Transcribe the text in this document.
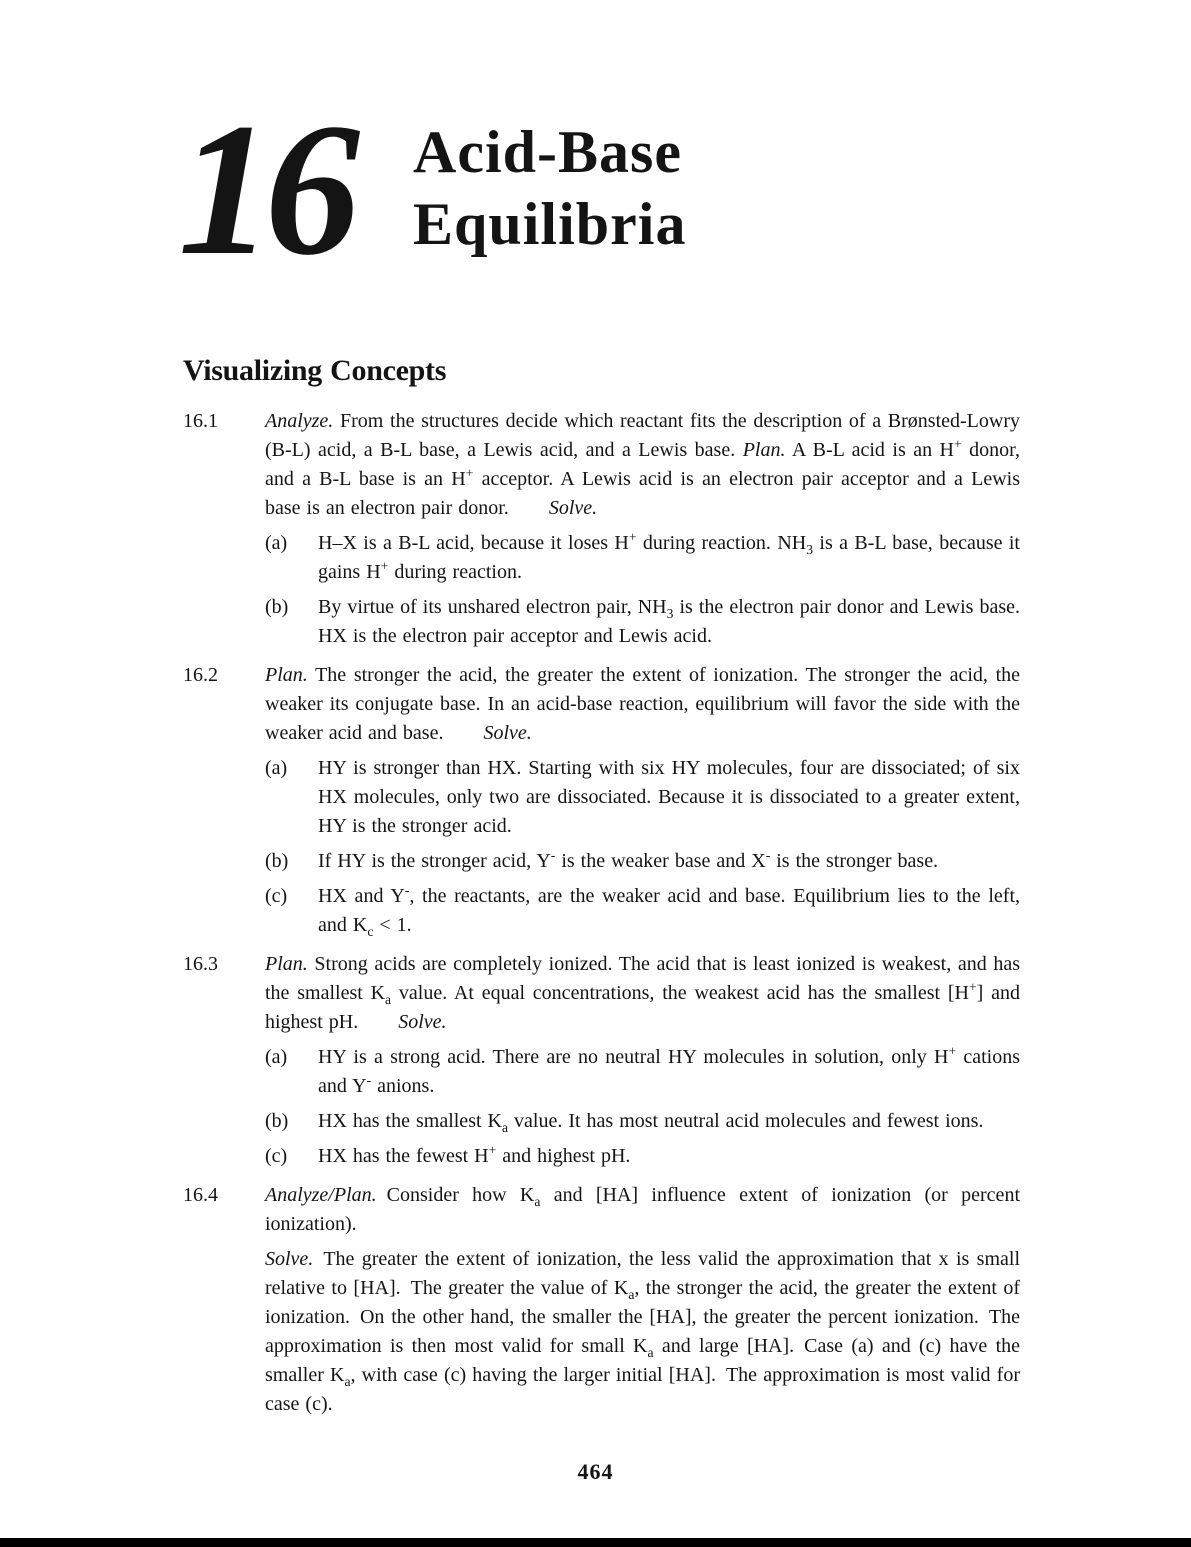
16 Acid-Base
Equilibria
Visualizing Concepts
16.1	Analyze. From the structures decide which reactant fits the description of a Brønsted-Lowry (B-L) acid, a B-L base, a Lewis acid, and a Lewis base. Plan. A B-L acid is an H+ donor, and a B-L base is an H+ acceptor. A Lewis acid is an electron pair acceptor and a Lewis base is an electron pair donor.  Solve.

(a)	H–X is a B-L acid, because it loses H+ during reaction. $NH_3$ is a B-L base, because it gains H+ during reaction.

(b)	By virtue of its unshared electron pair, $NH_3$ is the electron pair donor and Lewis base. HX is the electron pair acceptor and Lewis acid.

16.2	Plan. The stronger the acid, the greater the extent of ionization. The stronger the acid, the weaker its conjugate base. In an acid-base reaction, equilibrium will favor the side with the weaker acid and base.  Solve.

(a)	HY is stronger than HX. Starting with six HY molecules, four are dissociated; of six HX molecules, only two are dissociated. Because it is dissociated to a greater extent, HY is the stronger acid.

(b)	If HY is the stronger acid, Y- is the weaker base and X- is the stronger base.

(c)	HX and Y-, the reactants, are the weaker acid and base. Equilibrium lies to the left, and $K_c < 1$.

16.3	Plan. Strong acids are completely ionized. The acid that is least ionized is weakest, and has the smallest $K_a$ value. At equal concentrations, the weakest acid has the smallest [H+] and highest pH.  Solve.

(a)	HY is a strong acid. There are no neutral HY molecules in solution, only H+ cations and Y- anions.

(b)	HX has the smallest $K_a$ value. It has most neutral acid molecules and fewest ions.

(c)	HX has the fewest H+ and highest pH.

16.4	Analyze/Plan. Consider how $K_a$ and [HA] influence extent of ionization (or percent ionization).

Solve. The greater the extent of ionization, the less valid the approximation that x is small relative to [HA]. The greater the value of $K_a$, the stronger the acid, the greater the extent of ionization. On the other hand, the smaller the [HA], the greater the percent ionization. The approximation is then most valid for small $K_a$ and large [HA]. Case (a) and (c) have the smaller $K_a$, with case (c) having the larger initial [HA]. The approximation is most valid for case (c).

464
